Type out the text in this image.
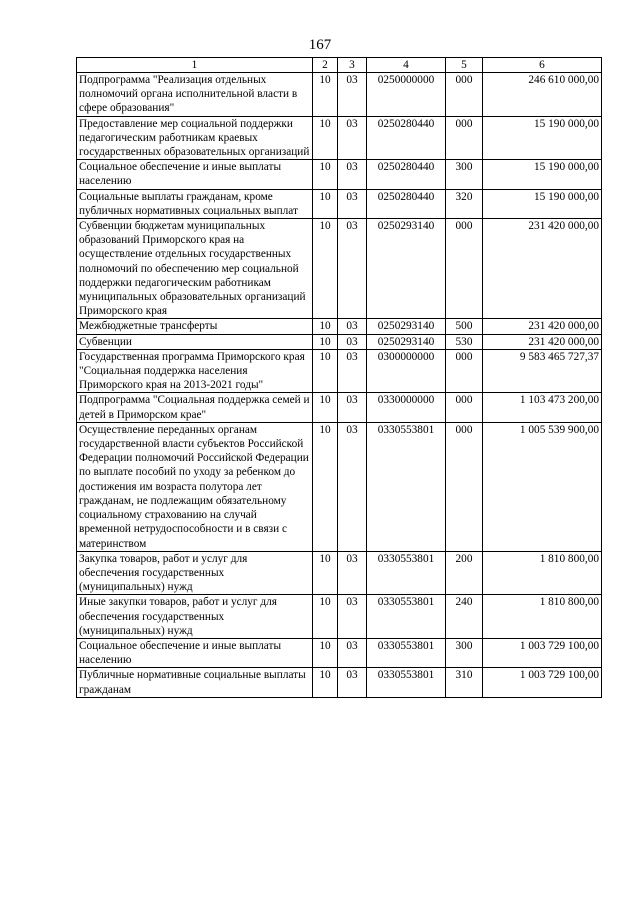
167
1	2	3	4	5	6
Подпрограмма "Реализация отдельных полномочий органа исполнительной власти в сфере образования"	10	03	0250000000	000	246 610 000,00
Предоставление мер социальной поддержки педагогическим работникам краевых государственных образовательных организаций	10	03	0250280440	000	15 190 000,00
Социальное обеспечение и иные выплаты населению	10	03	0250280440	300	15 190 000,00
Социальные выплаты гражданам, кроме публичных нормативных социальных выплат	10	03	0250280440	320	15 190 000,00
Субвенции бюджетам муниципальных образований Приморского края на осуществление отдельных государственных полномочий по обеспечению мер социальной поддержки педагогическим работникам муниципальных образовательных организаций Приморского края	10	03	0250293140	000	231 420 000,00
Межбюджетные трансферты	10	03	0250293140	500	231 420 000,00
Субвенции	10	03	0250293140	530	231 420 000,00
Государственная программа Приморского края "Социальная поддержка населения Приморского края на 2013-2021 годы"	10	03	0300000000	000	9 583 465 727,37
Подпрограмма "Социальная поддержка семей и детей в Приморском крае"	10	03	0330000000	000	1 103 473 200,00
Осуществление переданных органам государственной власти субъектов Российской Федерации полномочий Российской Федерации по выплате пособий по уходу за ребенком до достижения им возраста полутора лет гражданам, не подлежащим обязательному социальному страхованию на случай временной нетрудоспособности и в связи с материнством	10	03	0330553801	000	1 005 539 900,00
Закупка товаров, работ и услуг для обеспечения государственных (муниципальных) нужд	10	03	0330553801	200	1 810 800,00
Иные закупки товаров, работ и услуг для обеспечения государственных (муниципальных) нужд	10	03	0330553801	240	1 810 800,00
Социальное обеспечение и иные выплаты населению	10	03	0330553801	300	1 003 729 100,00
Публичные нормативные социальные выплаты гражданам	10	03	0330553801	310	1 003 729 100,00
